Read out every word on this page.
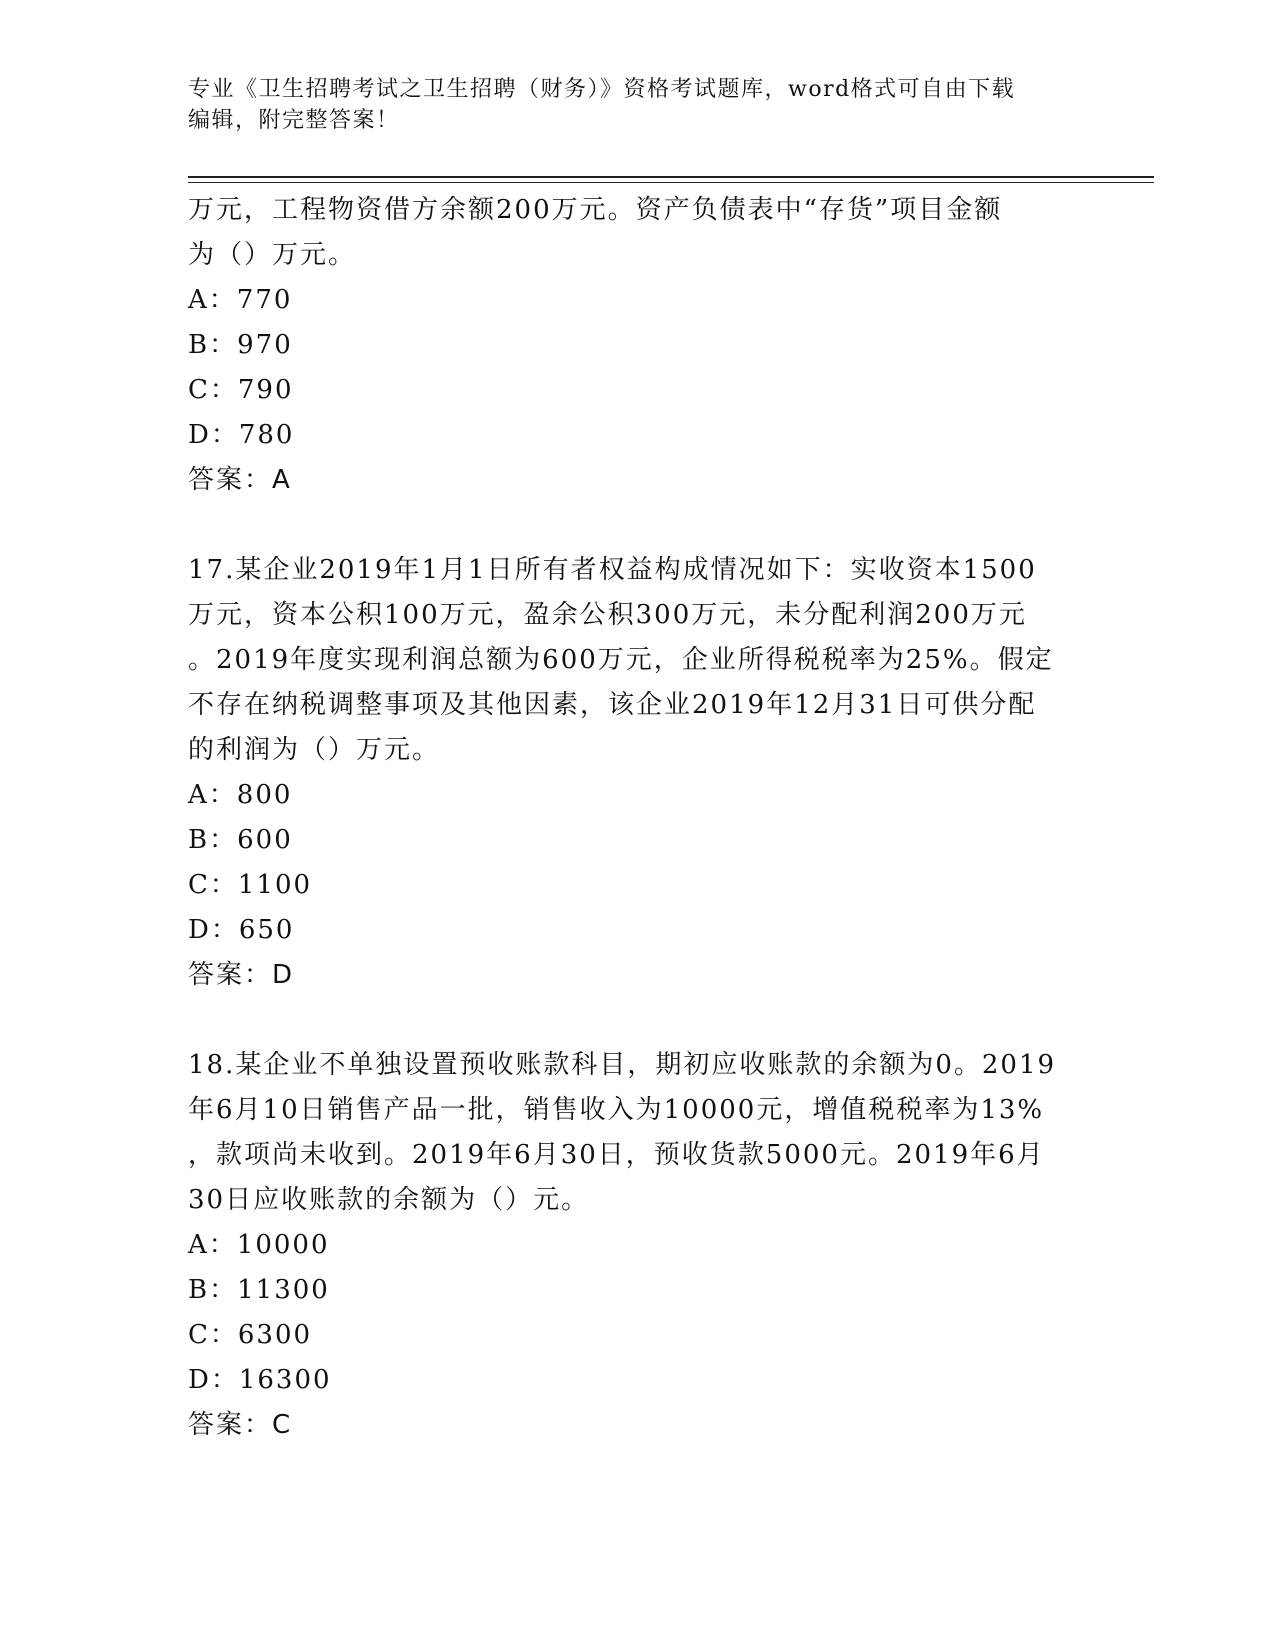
专业《卫生招聘考试之卫生招聘（财务）》资格考试题库，word格式可自由下载

编辑，附完整答案！

万元，工程物资借方余额200万元。资产负债表中“存货”项目金额

为（）万元。

A：770

B：970

C：790

D：780

答案：A

17.某企业2019年1月1日所有者权益构成情况如下：实收资本1500

万元，资本公积100万元，盈余公积300万元，未分配利润200万元

。2019年度实现利润总额为600万元，企业所得税税率为25%。假定

不存在纳税调整事项及其他因素，该企业2019年12月31日可供分配

的利润为（）万元。

A：800

B：600

C：1100

D：650

答案：D

18.某企业不单独设置预收账款科目，期初应收账款的余额为0。2019

年6月10日销售产品一批，销售收入为10000元，增值税税率为13%

，款项尚未收到。2019年6月30日，预收货款5000元。2019年6月

30日应收账款的余额为（）元。

A：10000

B：11300

C：6300

D：16300

答案：C
